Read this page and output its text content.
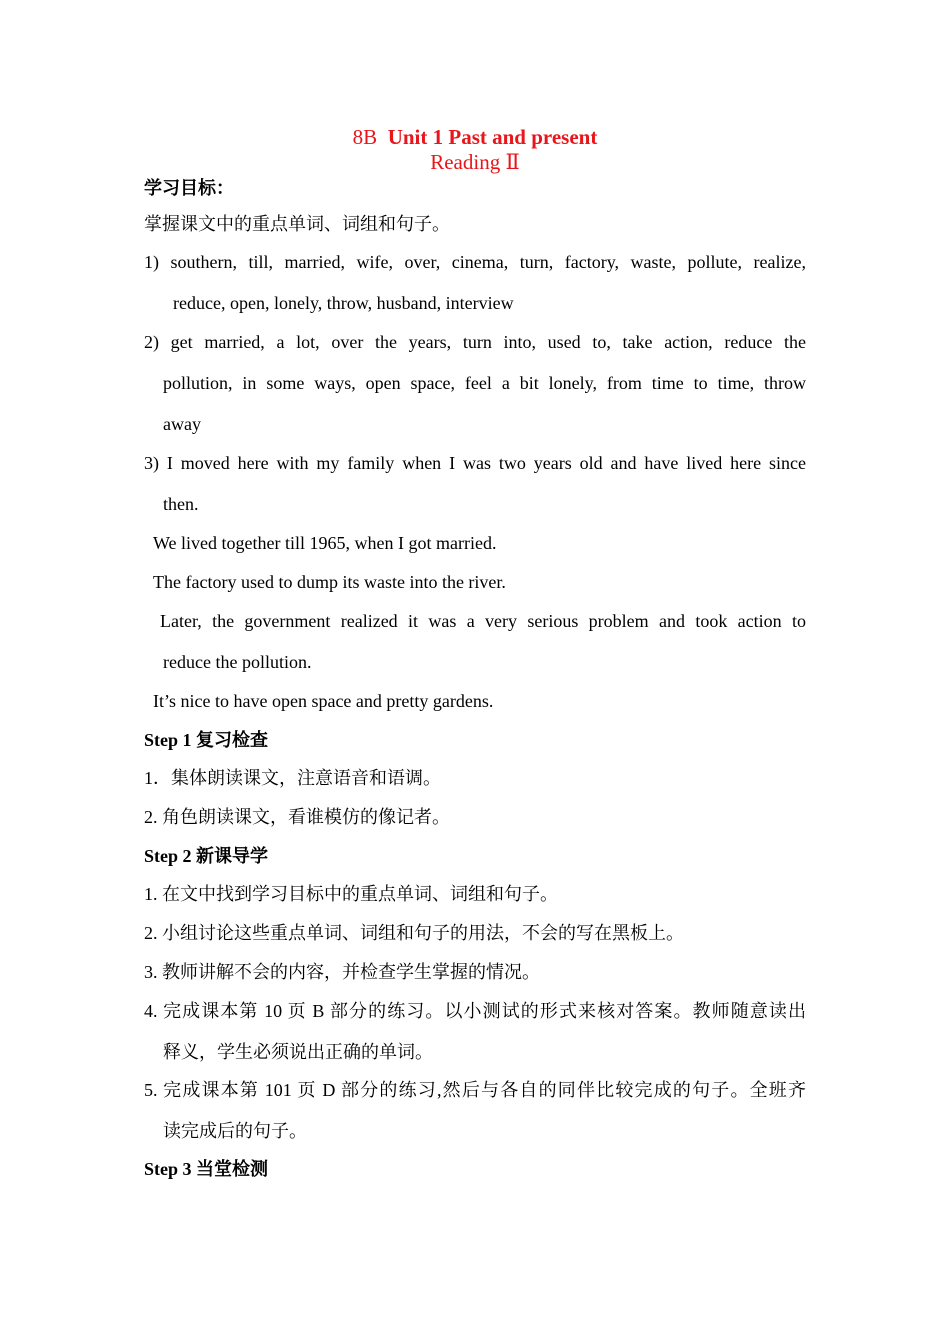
8B Unit 1 Past and present
Reading Ⅱ
学习目标：
掌握课文中的重点单词、词组和句子。
1) southern, till, married, wife, over, cinema, turn, factory, waste, pollute, realize,
reduce, open, lonely, throw, husband, interview
2) get married, a lot, over the years, turn into, used to, take action, reduce the
pollution, in some ways, open space, feel a bit lonely, from time to time, throw
away
3) I moved here with my family when I was two years old and have lived here since
then.
We lived together till 1965, when I got married.
The factory used to dump its waste into the river.
Later, the government realized it was a very serious problem and took action to
reduce the pollution.
It’s nice to have open space and pretty gardens.
Step 1 复习检查
1．集体朗读课文，注意语音和语调。
2. 角色朗读课文，看谁模仿的像记者。
Step 2 新课导学
1. 在文中找到学习目标中的重点单词、词组和句子。
2. 小组讨论这些重点单词、词组和句子的用法，不会的写在黑板上。
3. 教师讲解不会的内容，并检查学生掌握的情况。
4. 完成课本第 10 页 B 部分的练习。以小测试的形式来核对答案。教师随意读出
释义，学生必须说出正确的单词。
5. 完成课本第 101 页 D 部分的练习,然后与各自的同伴比较完成的句子。全班齐
读完成后的句子。
Step 3 当堂检测
